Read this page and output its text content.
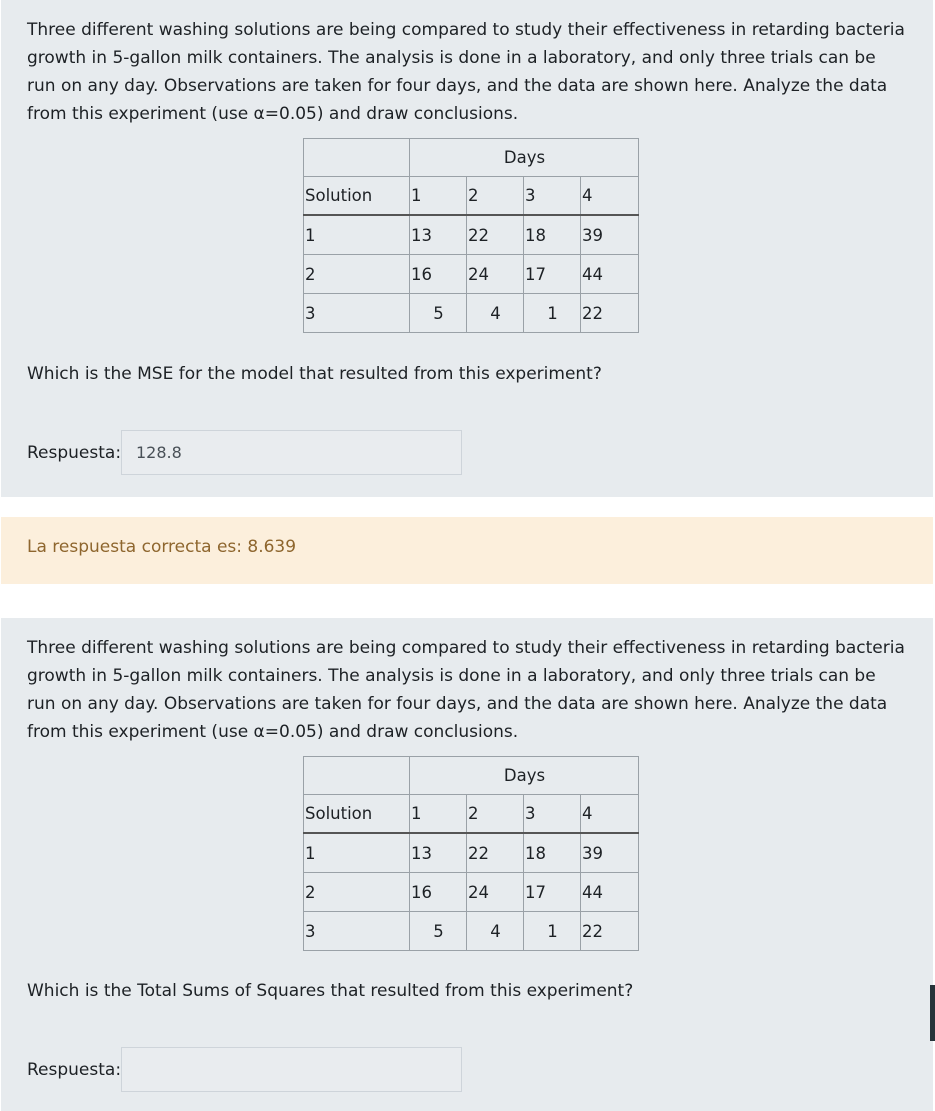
Three different washing solutions are being compared to study their effectiveness in retarding bacteria growth in 5-gallon milk containers. The analysis is done in a laboratory, and only three trials can be run on any day. Observations are taken for four days, and the data are shown here. Analyze the data from this experiment (use α=0.05) and draw conclusions.

	Days			
Solution	1	2	3	4
1	13	22	18	39
2	16	24	17	44
3	5	4	1	22

Which is the MSE for the model that resulted from this experiment?

Respuesta:
128.8

La respuesta correcta es: 8.639

Three different washing solutions are being compared to study their effectiveness in retarding bacteria growth in 5-gallon milk containers. The analysis is done in a laboratory, and only three trials can be run on any day. Observations are taken for four days, and the data are shown here. Analyze the data from this experiment (use α=0.05) and draw conclusions.

	Days			
Solution	1	2	3	4
1	13	22	18	39
2	16	24	17	44
3	5	4	1	22

Which is the Total Sums of Squares that resulted from this experiment?

Respuesta:
